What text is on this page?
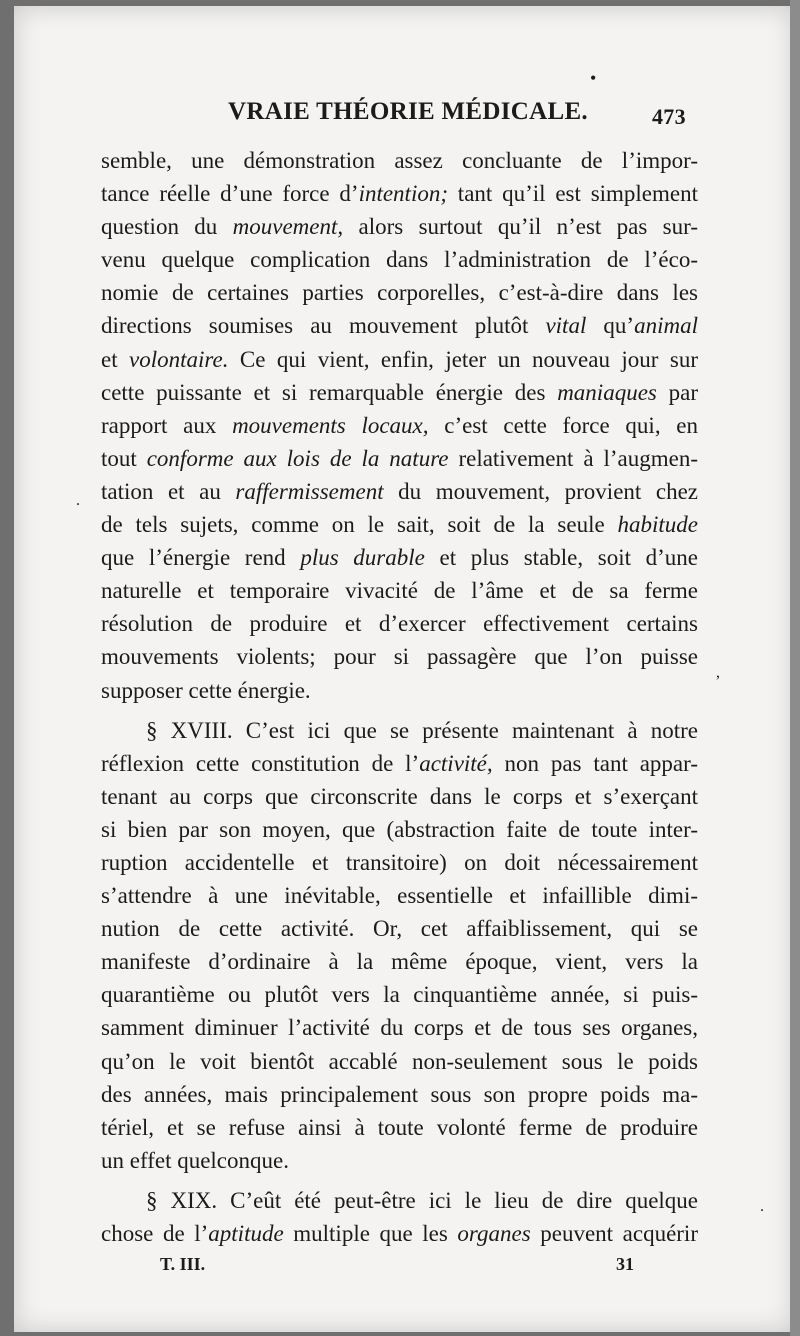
•
.
,
.
VRAIE THÉORIE MÉDICALE.	473
semble, une démonstration assez concluante de l’impor-
tance réelle d’une force d’intention; tant qu’il est simplement
question du mouvement, alors surtout qu’il n’est pas sur-
venu quelque complication dans l’administration de l’éco-
nomie de certaines parties corporelles, c’est-à-dire dans les
directions soumises au mouvement plutôt vital qu’animal
et volontaire. Ce qui vient, enfin, jeter un nouveau jour sur
cette puissante et si remarquable énergie des maniaques par
rapport aux mouvements locaux, c’est cette force qui, en
tout conforme aux lois de la nature relativement à l’augmen-
tation et au raffermissement du mouvement, provient chez
de tels sujets, comme on le sait, soit de la seule habitude
que l’énergie rend plus durable et plus stable, soit d’une
naturelle et temporaire vivacité de l’âme et de sa ferme
résolution de produire et d’exercer effectivement certains
mouvements violents; pour si passagère que l’on puisse
supposer cette énergie.
§ XVIII. C’est ici que se présente maintenant à notre
réflexion cette constitution de l’activité, non pas tant appar-
tenant au corps que circonscrite dans le corps et s’exerçant
si bien par son moyen, que (abstraction faite de toute inter-
ruption accidentelle et transitoire) on doit nécessairement
s’attendre à une inévitable, essentielle et infaillible dimi-
nution de cette activité. Or, cet affaiblissement, qui se
manifeste d’ordinaire à la même époque, vient, vers la
quarantième ou plutôt vers la cinquantième année, si puis-
samment diminuer l’activité du corps et de tous ses organes,
qu’on le voit bientôt accablé non-seulement sous le poids
des années, mais principalement sous son propre poids ma-
tériel, et se refuse ainsi à toute volonté ferme de produire
un effet quelconque.
§ XIX. C’eût été peut-être ici le lieu de dire quelque
chose de l’aptitude multiple que les organes peuvent acquérir
T. III.	31
